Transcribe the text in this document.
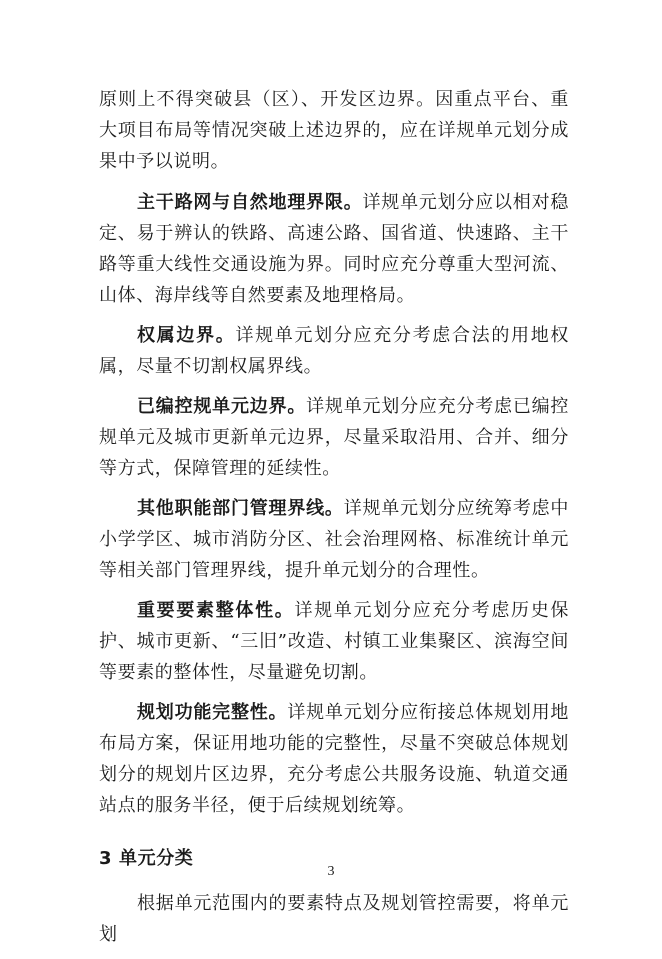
原则上不得突破县（区）、开发区边界。因重点平台、重大项目布局等情况突破上述边界的，应在详规单元划分成果中予以说明。

主干路网与自然地理界限。详规单元划分应以相对稳定、易于辨认的铁路、高速公路、国省道、快速路、主干路等重大线性交通设施为界。同时应充分尊重大型河流、山体、海岸线等自然要素及地理格局。

权属边界。详规单元划分应充分考虑合法的用地权属，尽量不切割权属界线。

已编控规单元边界。详规单元划分应充分考虑已编控规单元及城市更新单元边界，尽量采取沿用、合并、细分等方式，保障管理的延续性。

其他职能部门管理界线。详规单元划分应统筹考虑中小学学区、城市消防分区、社会治理网格、标准统计单元等相关部门管理界线，提升单元划分的合理性。

重要要素整体性。详规单元划分应充分考虑历史保护、城市更新、“三旧”改造、村镇工业集聚区、滨海空间等要素的整体性，尽量避免切割。

规划功能完整性。详规单元划分应衔接总体规划用地布局方案，保证用地功能的完整性，尽量不突破总体规划划分的规划片区边界，充分考虑公共服务设施、轨道交通站点的服务半径，便于后续规划统筹。

3 单元分类

根据单元范围内的要素特点及规划管控需要，将单元划

3
